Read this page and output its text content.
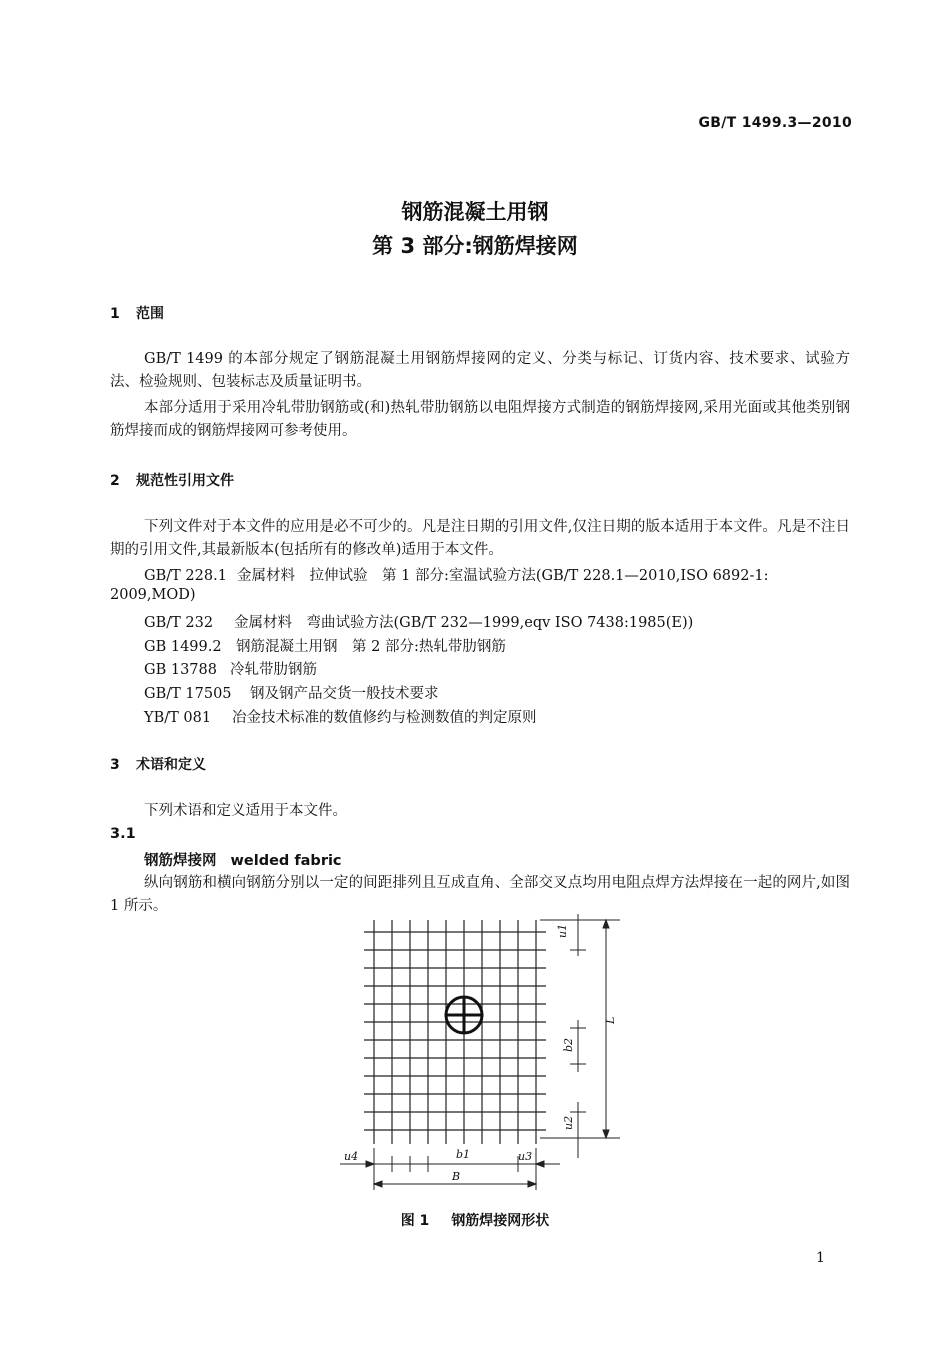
GB/T 1499.3—2010
钢筋混凝土用钢
第 3 部分:钢筋焊接网
1 范围
GB/T 1499 的本部分规定了钢筋混凝土用钢筋焊接网的定义、分类与标记、订货内容、技术要求、试验方法、检验规则、包装标志及质量证明书。
本部分适用于采用冷轧带肋钢筋或(和)热轧带肋钢筋以电阻焊接方式制造的钢筋焊接网,采用光面或其他类别钢筋焊接而成的钢筋焊接网可参考使用。
2 规范性引用文件
下列文件对于本文件的应用是必不可少的。凡是注日期的引用文件,仅注日期的版本适用于本文件。凡是不注日期的引用文件,其最新版本(包括所有的修改单)适用于本文件。
GB/T 228.1 金属材料　拉伸试验　第 1 部分:室温试验方法(GB/T 228.1—2010,ISO 6892-1:
2009,MOD)
GB/T 232 金属材料　弯曲试验方法(GB/T 232—1999,eqv ISO 7438:1985(E))
GB 1499.2 钢筋混凝土用钢　第 2 部分:热轧带肋钢筋
GB 13788 冷轧带肋钢筋
GB/T 17505 钢及钢产品交货一般技术要求
YB/T 081 冶金技术标准的数值修约与检测数值的判定原则
3 术语和定义
下列术语和定义适用于本文件。
3.1
钢筋焊接网 welded fabric
纵向钢筋和横向钢筋分别以一定的间距排列且互成直角、全部交叉点均用电阻点焊方法焊接在一起的网片,如图 1 所示。
u1
L
b2
u2
u4	b1	u3
B
图 1 钢筋焊接网形状
1
